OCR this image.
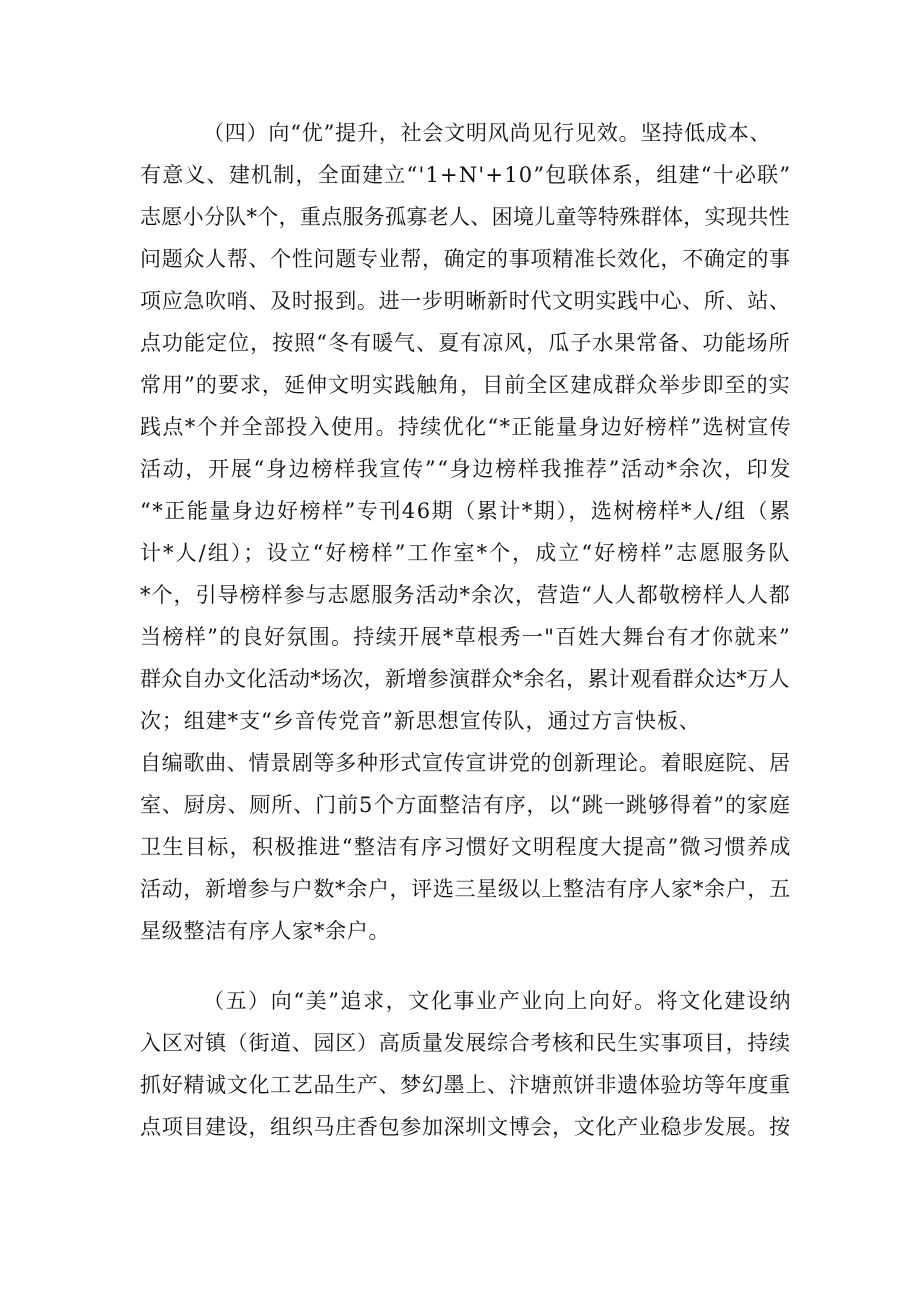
（四）向“优”提升，社会文明风尚见行见效。坚持低成本、
有意义、建机制，全面建立“'1+N'+10”包联体系，组建“十必联”
志愿小分队*个，重点服务孤寡老人、困境儿童等特殊群体，实现共性
问题众人帮、个性问题专业帮，确定的事项精准长效化，不确定的事
项应急吹哨、及时报到。进一步明晰新时代文明实践中心、所、站、
点功能定位，按照“冬有暖气、夏有凉风，瓜子水果常备、功能场所
常用”的要求，延伸文明实践触角，目前全区建成群众举步即至的实
践点*个并全部投入使用。持续优化“*正能量身边好榜样”选树宣传
活动，开展“身边榜样我宣传”“身边榜样我推荐”活动*余次，印发
“*正能量身边好榜样”专刊46期（累计*期），选树榜样*人/组（累
计*人/组）；设立“好榜样”工作室*个，成立“好榜样”志愿服务队
*个，引导榜样参与志愿服务活动*余次，营造“人人都敬榜样人人都
当榜样”的良好氛围。持续开展*草根秀一"百姓大舞台有才你就来”
群众自办文化活动*场次，新增参演群众*余名，累计观看群众达*万人
次；组建*支“乡音传党音”新思想宣传队，通过方言快板、
自编歌曲、情景剧等多种形式宣传宣讲党的创新理论。着眼庭院、居
室、厨房、厕所、门前5个方面整洁有序，以“跳一跳够得着”的家庭
卫生目标，积极推进“整洁有序习惯好文明程度大提高”微习惯养成
活动，新增参与户数*余户，评选三星级以上整洁有序人家*余户，五
星级整洁有序人家*余户。
（五）向“美”追求，文化事业产业向上向好。将文化建设纳
入区对镇（街道、园区）高质量发展综合考核和民生实事项目，持续
抓好精诚文化工艺品生产、梦幻墨上、汴塘煎饼非遗体验坊等年度重
点项目建设，组织马庄香包参加深圳文博会，文化产业稳步发展。按
